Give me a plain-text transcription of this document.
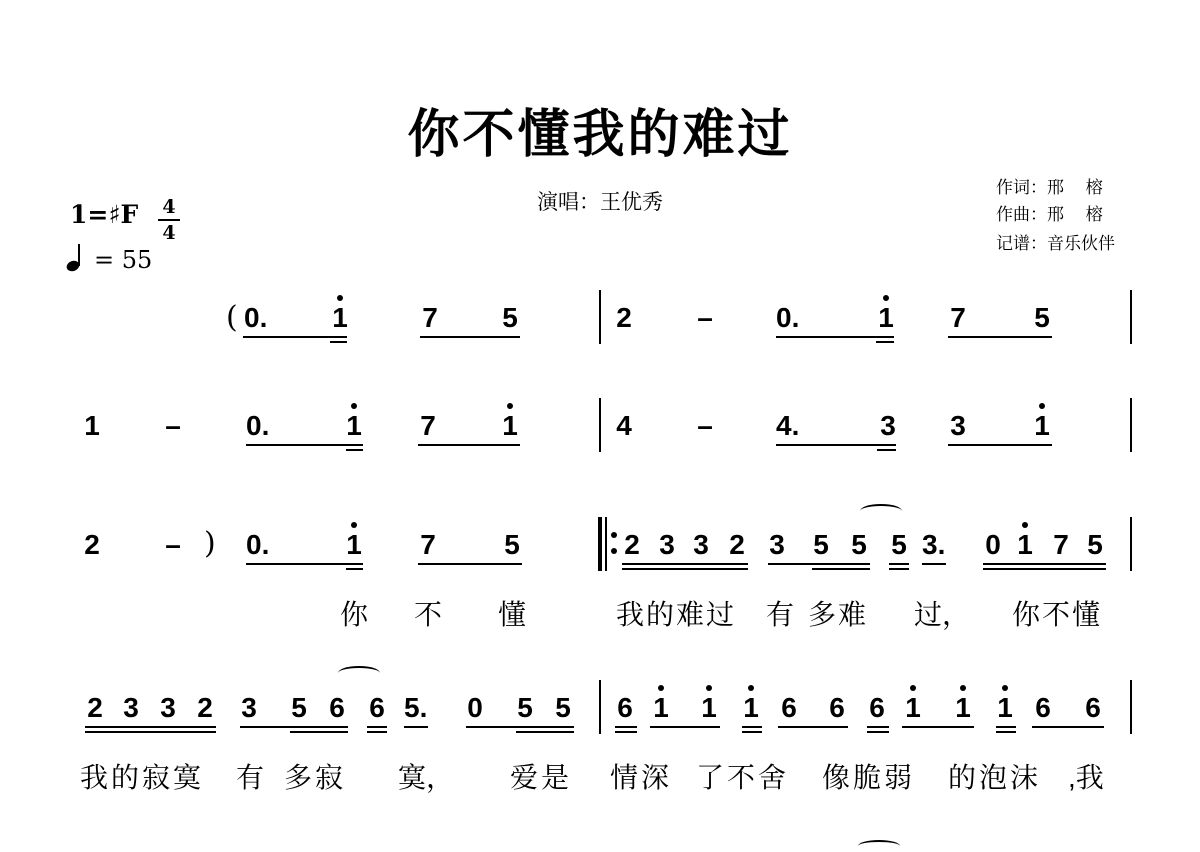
你不懂我的难过
演唱：王优秀
作词：邢　 榕
作曲：邢　 榕
记谱：音乐伙伴
1=♯F 4
4
= 55
( 0.	1	7 5	2 – 0.	1 7 5
1 – 0.	1 7 1	4 – 4.	3 3 1
2 – ) 0.	1 7 5	2 3 3 2 3 5 5 5 3.	0 1 7 5
你 不 懂	我的难过 有 多难 过， 你不懂
2 3 3 2 3 5 6 6 5.	0 5 5 6 1 1 1 6 6 6 1 1 1 6 6
我的寂寞 有 多寂 寞， 爱是 情深 了不舍 像脆弱 的泡沫 ,我
